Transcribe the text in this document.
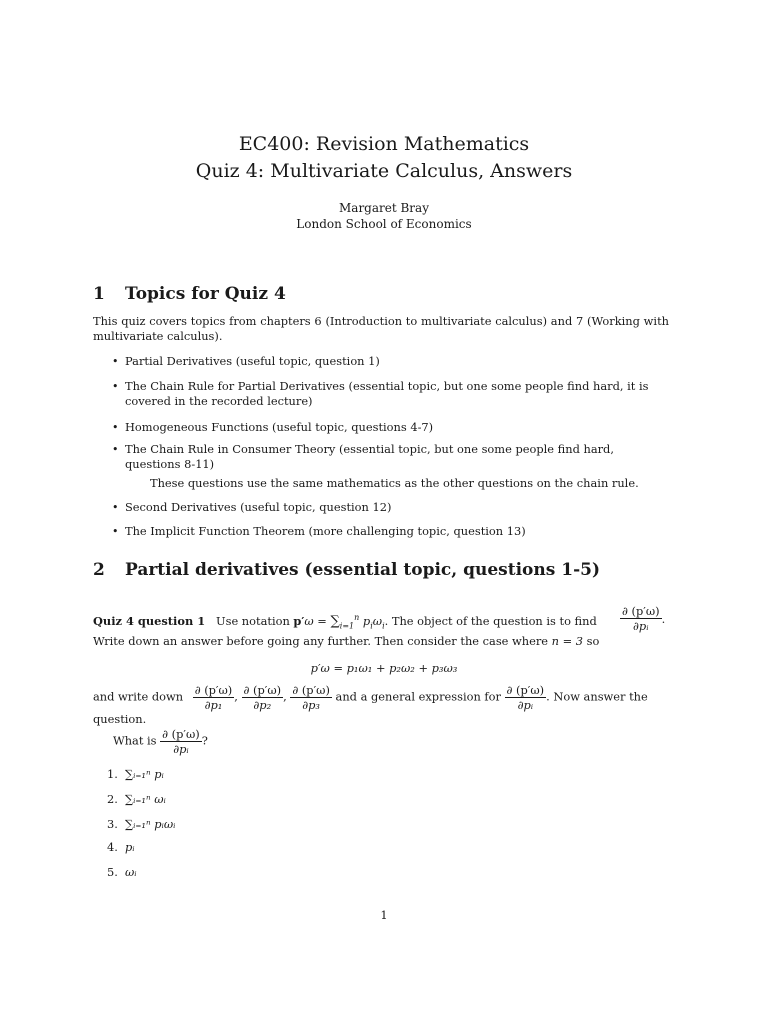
EC400: Revision Mathematics
Quiz 4: Multivariate Calculus, Answers
Margaret Bray
London School of Economics
1 Topics for Quiz 4
This quiz covers topics from chapters 6 (Introduction to multivariate calculus) and 7 (Working with multivariate calculus).
• Partial Derivatives (useful topic, question 1)
• The Chain Rule for Partial Derivatives (essential topic, but one some people find hard, it is covered in the recorded lecture)
• Homogeneous Functions (useful topic, questions 4-7)
• The Chain Rule in Consumer Theory (essential topic, but one some people find hard, questions 8-11)
These questions use the same mathematics as the other questions on the chain rule.
• Second Derivatives (useful topic, question 12)
• The Implicit Function Theorem (more challenging topic, question 13)
2 Partial derivatives (essential topic, questions 1-5)
Quiz 4 question 1 Use notation $p'\omega = \sum_{i=1}^n$ $p_i\omega_i$. The object of the question is to find $\frac{\partial (p'\omega)}{\text{∂pᵢ}}$ .
Write down an answer before going any further. Then consider the case where n = 3 so
p′ω = p₁ω₁ + p₂ω₂ + p₃ω₃
and write down $\frac{\partial (p'\omega)}{\text{∂p₁}}$ , $\frac{\partial (p'\omega)}{\text{∂p₂}}$ , $\frac{\partial (p'\omega)}{\text{∂p₃}}$ and a general expression for $\frac{\partial (p'\omega)}{\text{∂pᵢ}}$ . Now answer the
question.
What is $\frac{\partial (p'\omega)}{\text{∂pᵢ}}$ ?
1. ∑ᵢ₌₁ⁿ pᵢ
2. ∑ᵢ₌₁ⁿ ωᵢ
3. ∑ᵢ₌₁ⁿ pᵢωᵢ
4. pᵢ
5. ωᵢ
1
